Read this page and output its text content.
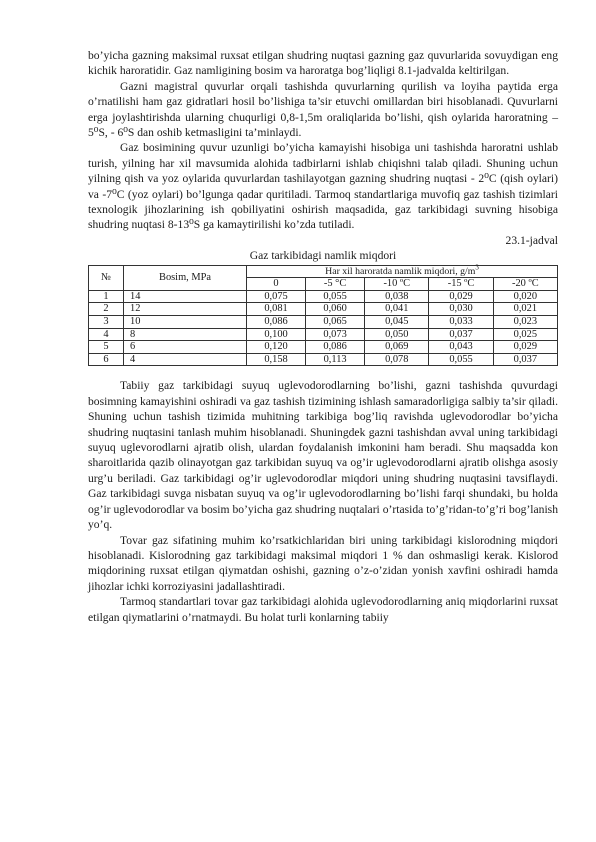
bo’yicha gazning maksimal ruxsat etilgan shudring nuqtasi gazning gaz quvurlarida sovuydigan eng kichik haroratidir. Gaz namligining bosim va haroratga bog’liqligi 8.1-jadvalda keltirilgan.

Gazni magistral quvurlar orqali tashishda quvurlarning qurilish va loyiha paytida erga o’rnatilishi ham gaz gidratlari hosil bo’lishiga ta’sir etuvchi omillardan biri hisoblanadi. Quvurlarni erga joylashtirishda ularning chuqurligi 0,8-1,5m oraliqlarida bo’lishi, qish oylarida haroratning – 5⁰S, - 6⁰S dan oshib ketmasligini ta’minlaydi.

Gaz bosimining quvur uzunligi bo’yicha kamayishi hisobiga uni tashishda haroratni ushlab turish, yilning har xil mavsumida alohida tadbirlarni ishlab chiqishni talab qiladi. Shuning uchun yilning qish va yoz oylarida quvurlardan tashilayotgan gazning shudring nuqtasi - 2⁰C (qish oylari) va -7⁰C (yoz oylari) bo’lgunga qadar quritiladi. Tarmoq standartlariga muvofiq gaz tashish tizimlari texnologik jihozlarining ish qobiliyatini oshirish maqsadida, gaz tarkibidagi suvning hisobiga shudring nuqtasi 8-13⁰S ga kamaytirilishi ko’zda tutiladi.

23.1-jadval

Gaz tarkibidagi namlik miqdori

№	Bosim, MPa	Har xil haroratda namlik miqdori, $g/m^3$
		0	-5 °C	-10 ºC	-15 ºC	-20 ºC
1	14	0,075	0,055	0,038	0,029	0,020
2	12	0,081	0,060	0,041	0,030	0,021
3	10	0,086	0,065	0,045	0,033	0,023
4	8	0,100	0,073	0,050	0,037	0,025
5	6	0,120	0,086	0,069	0,043	0,029
6	4	0,158	0,113	0,078	0,055	0,037

Tabiiy gaz tarkibidagi suyuq uglevodorodlarning bo’lishi, gazni tashishda quvurdagi bosimning kamayishini oshiradi va gaz tashish tizimining ishlash samaradorligiga salbiy ta’sir qiladi. Shuning uchun tashish tizimida muhitning tarkibiga bog’liq ravishda uglevodorodlar bo’yicha shudring nuqtasini tanlash muhim hisoblanadi. Shuningdek gazni tashishdan avval uning tarkibidagi suyuq uglevorodlarni ajratib olish, ulardan foydalanish imkonini ham beradi. Shu maqsadda kon sharoitlarida qazib olinayotgan gaz tarkibidan suyuq va og’ir uglevodorodlarni ajratib olishga asosiy urg’u beriladi. Gaz tarkibidagi og’ir uglevodorodlar miqdori uning shudring nuqtasini tavsiflaydi. Gaz tarkibidagi suvga nisbatan suyuq va og’ir uglevodorodlarning bo’lishi farqi shundaki, bu holda og’ir uglevodorodlar va bosim bo’yicha gaz shudring nuqtalari o’rtasida to’g’ridan-to’g’ri bog’lanish yo’q.

Tovar gaz sifatining muhim ko’rsatkichlaridan biri uning tarkibidagi kislorodning miqdori hisoblanadi. Kislorodning gaz tarkibidagi maksimal miqdori 1 % dan oshmasligi kerak. Kislorod miqdorining ruxsat etilgan qiymatdan oshishi, gazning o’z-o’zidan yonish xavfini oshiradi hamda jihozlar ichki korroziyasini jadallashtiradi.

Tarmoq standartlari tovar gaz tarkibidagi alohida uglevodorodlarning aniq miqdorlarini ruxsat etilgan qiymatlarini o’rnatmaydi. Bu holat turli konlarning tabiiy
